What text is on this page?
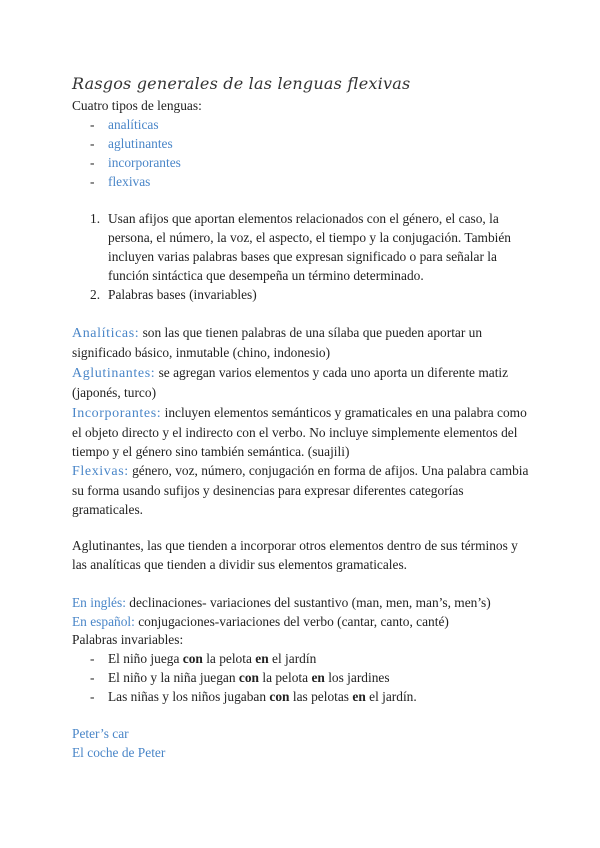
Rasgos generales de las lenguas flexivas
Cuatro tipos de lenguas:
- analíticas
- aglutinantes
- incorporantes
- flexivas
1. Usan afijos que aportan elementos relacionados con el género, el caso, la persona, el número, la voz, el aspecto, el tiempo y la conjugación. También incluyen varias palabras bases que expresan significado o para señalar la función sintáctica que desempeña un término determinado.
2. Palabras bases (invariables)
Analíticas: son las que tienen palabras de una sílaba que pueden aportar un significado básico, inmutable (chino, indonesio)
Aglutinantes: se agregan varios elementos y cada uno aporta un diferente matiz (japonés, turco)
Incorporantes: incluyen elementos semánticos y gramaticales en una palabra como el objeto directo y el indirecto con el verbo. No incluye simplemente elementos del tiempo y el género sino también semántica. (suajili)
Flexivas: género, voz, número, conjugación en forma de afijos. Una palabra cambia su forma usando sufijos y desinencias para expresar diferentes categorías gramaticales.
Aglutinantes, las que tienden a incorporar otros elementos dentro de sus términos y las analíticas que tienden a dividir sus elementos gramaticales.
En inglés: declinaciones- variaciones del sustantivo (man, men, man’s, men’s)
En español: conjugaciones-variaciones del verbo (cantar, canto, canté)
Palabras invariables:
- El niño juega con la pelota en el jardín
- El niño y la niña juegan con la pelota en los jardines
- Las niñas y los niños jugaban con las pelotas en el jardín.
Peter’s car
El coche de Peter
